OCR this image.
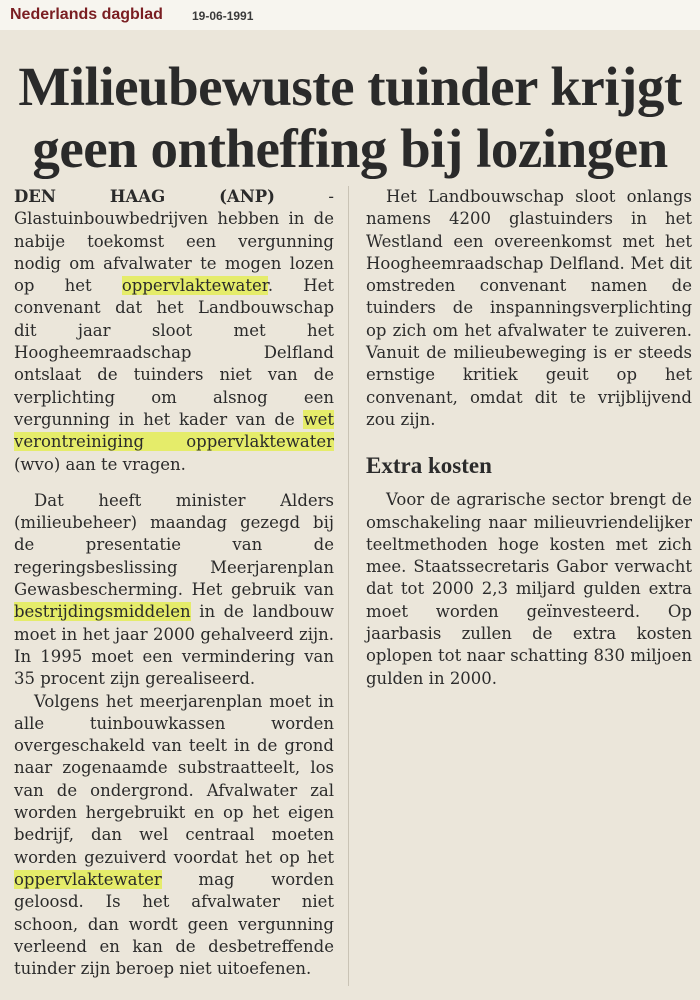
Nederlands dagblad 19-06-1991
Milieubewuste tuinder krijgt
geen ontheffing bij lozingen

DEN HAAG (ANP) - Glastuinbouwbedrijven hebben in de nabije toekomst een vergunning nodig om afvalwater te mogen lozen op het oppervlaktewater. Het convenant dat het Landbouwschap dit jaar sloot met het Hoogheemraadschap Delfland ontslaat de tuinders niet van de verplichting om alsnog een vergunning in het kader van de wet verontreiniging oppervlaktewater (wvo) aan te vragen.

Dat heeft minister Alders (milieubeheer) maandag gezegd bij de presentatie van de regeringsbeslissing Meerjarenplan Gewasbescherming. Het gebruik van bestrijdingsmiddelen in de landbouw moet in het jaar 2000 gehalveerd zijn. In 1995 moet een vermindering van 35 procent zijn gerealiseerd.

Volgens het meerjarenplan moet in alle tuinbouwkassen worden overgeschakeld van teelt in de grond naar zogenaamde substraatteelt, los van de ondergrond. Afvalwater zal worden hergebruikt en op het eigen bedrijf, dan wel centraal moeten worden gezuiverd voordat het op het oppervlaktewater mag worden geloosd. Is het afvalwater niet schoon, dan wordt geen vergunning verleend en kan de desbetreffende tuinder zijn beroep niet uitoefenen.

Het Landbouwschap sloot onlangs namens 4200 glastuinders in het Westland een overeenkomst met het Hoogheemraadschap Delfland. Met dit omstreden convenant namen de tuinders de inspanningsverplichting op zich om het afvalwater te zuiveren. Vanuit de milieubeweging is er steeds ernstige kritiek geuit op het convenant, omdat dit te vrijblijvend zou zijn.

Extra kosten

Voor de agrarische sector brengt de omschakeling naar milieuvriendelijker teeltmethoden hoge kosten met zich mee. Staatssecretaris Gabor verwacht dat tot 2000 2,3 miljard gulden extra moet worden geïnvesteerd. Op jaarbasis zullen de extra kosten oplopen tot naar schatting 830 miljoen gulden in 2000.
